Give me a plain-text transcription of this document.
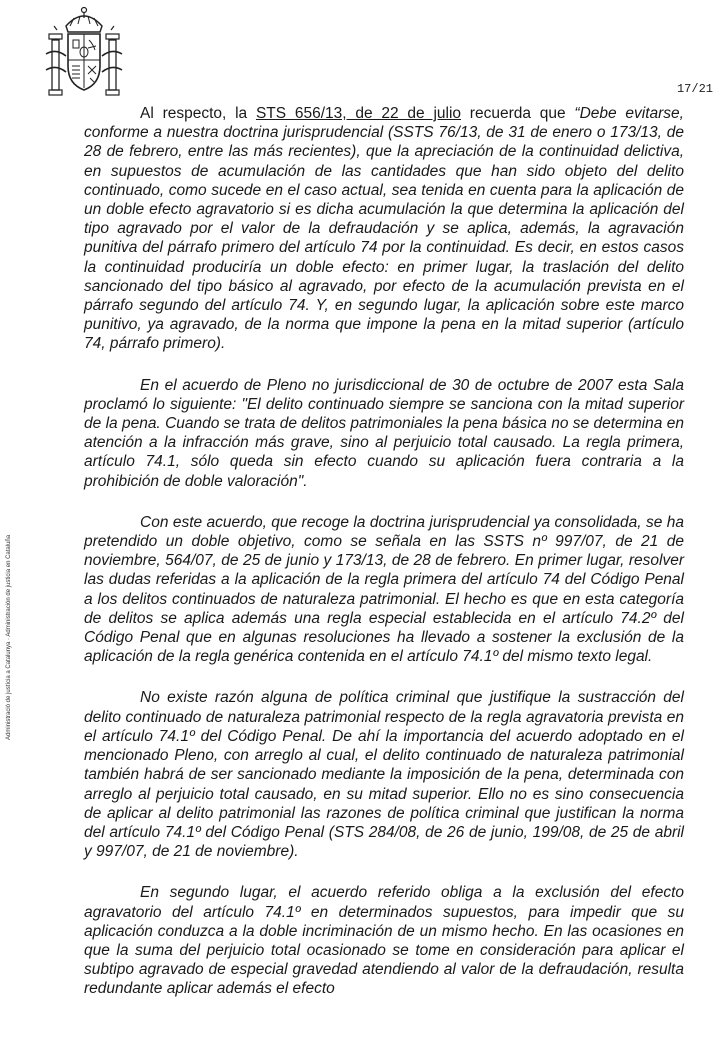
17/21
Administració de justícia a Catalunya · Administración de justicia en Cataluña

Al respecto, la STS 656/13, de 22 de julio recuerda que “Debe evitarse, conforme a nuestra doctrina jurisprudencial (SSTS 76/13, de 31 de enero o 173/13, de 28 de febrero, entre las más recientes), que la apreciación de la continuidad delictiva, en supuestos de acumulación de las cantidades que han sido objeto del delito continuado, como sucede en el caso actual, sea tenida en cuenta para la aplicación de un doble efecto agravatorio si es dicha acumulación la que determina la aplicación del tipo agravado por el valor de la defraudación y se aplica, además, la agravación punitiva del párrafo primero del artículo 74 por la continuidad. Es decir, en estos casos la continuidad produciría un doble efecto: en primer lugar, la traslación del delito sancionado del tipo básico al agravado, por efecto de la acumulación prevista en el párrafo segundo del artículo 74. Y, en segundo lugar, la aplicación sobre este marco punitivo, ya agravado, de la norma que impone la pena en la mitad superior (artículo 74, párrafo primero).

En el acuerdo de Pleno no jurisdiccional de 30 de octubre de 2007 esta Sala proclamó lo siguiente: "El delito continuado siempre se sanciona con la mitad superior de la pena. Cuando se trata de delitos patrimoniales la pena básica no se determina en atención a la infracción más grave, sino al perjuicio total causado. La regla primera, artículo 74.1, sólo queda sin efecto cuando su aplicación fuera contraria a la prohibición de doble valoración".

Con este acuerdo, que recoge la doctrina jurisprudencial ya consolidada, se ha pretendido un doble objetivo, como se señala en las SSTS nº 997/07, de 21 de noviembre, 564/07, de 25 de junio y 173/13, de 28 de febrero. En primer lugar, resolver las dudas referidas a la aplicación de la regla primera del artículo 74 del Código Penal a los delitos continuados de naturaleza patrimonial. El hecho es que en esta categoría de delitos se aplica además una regla especial establecida en el artículo 74.2º del Código Penal que en algunas resoluciones ha llevado a sostener la exclusión de la aplicación de la regla genérica contenida en el artículo 74.1º del mismo texto legal.

No existe razón alguna de política criminal que justifique la sustracción del delito continuado de naturaleza patrimonial respecto de la regla agravatoria prevista en el artículo 74.1º del Código Penal. De ahí la importancia del acuerdo adoptado en el mencionado Pleno, con arreglo al cual, el delito continuado de naturaleza patrimonial también habrá de ser sancionado mediante la imposición de la pena, determinada con arreglo al perjuicio total causado, en su mitad superior. Ello no es sino consecuencia de aplicar al delito patrimonial las razones de política criminal que justifican la norma del artículo 74.1º del Código Penal (STS 284/08, de 26 de junio, 199/08, de 25 de abril y 997/07, de 21 de noviembre).

En segundo lugar, el acuerdo referido obliga a la exclusión del efecto agravatorio del artículo 74.1º en determinados supuestos, para impedir que su aplicación conduzca a la doble incriminación de un mismo hecho. En las ocasiones en que la suma del perjuicio total ocasionado se tome en consideración para aplicar el subtipo agravado de especial gravedad atendiendo al valor de la defraudación, resulta redundante aplicar además el efecto
